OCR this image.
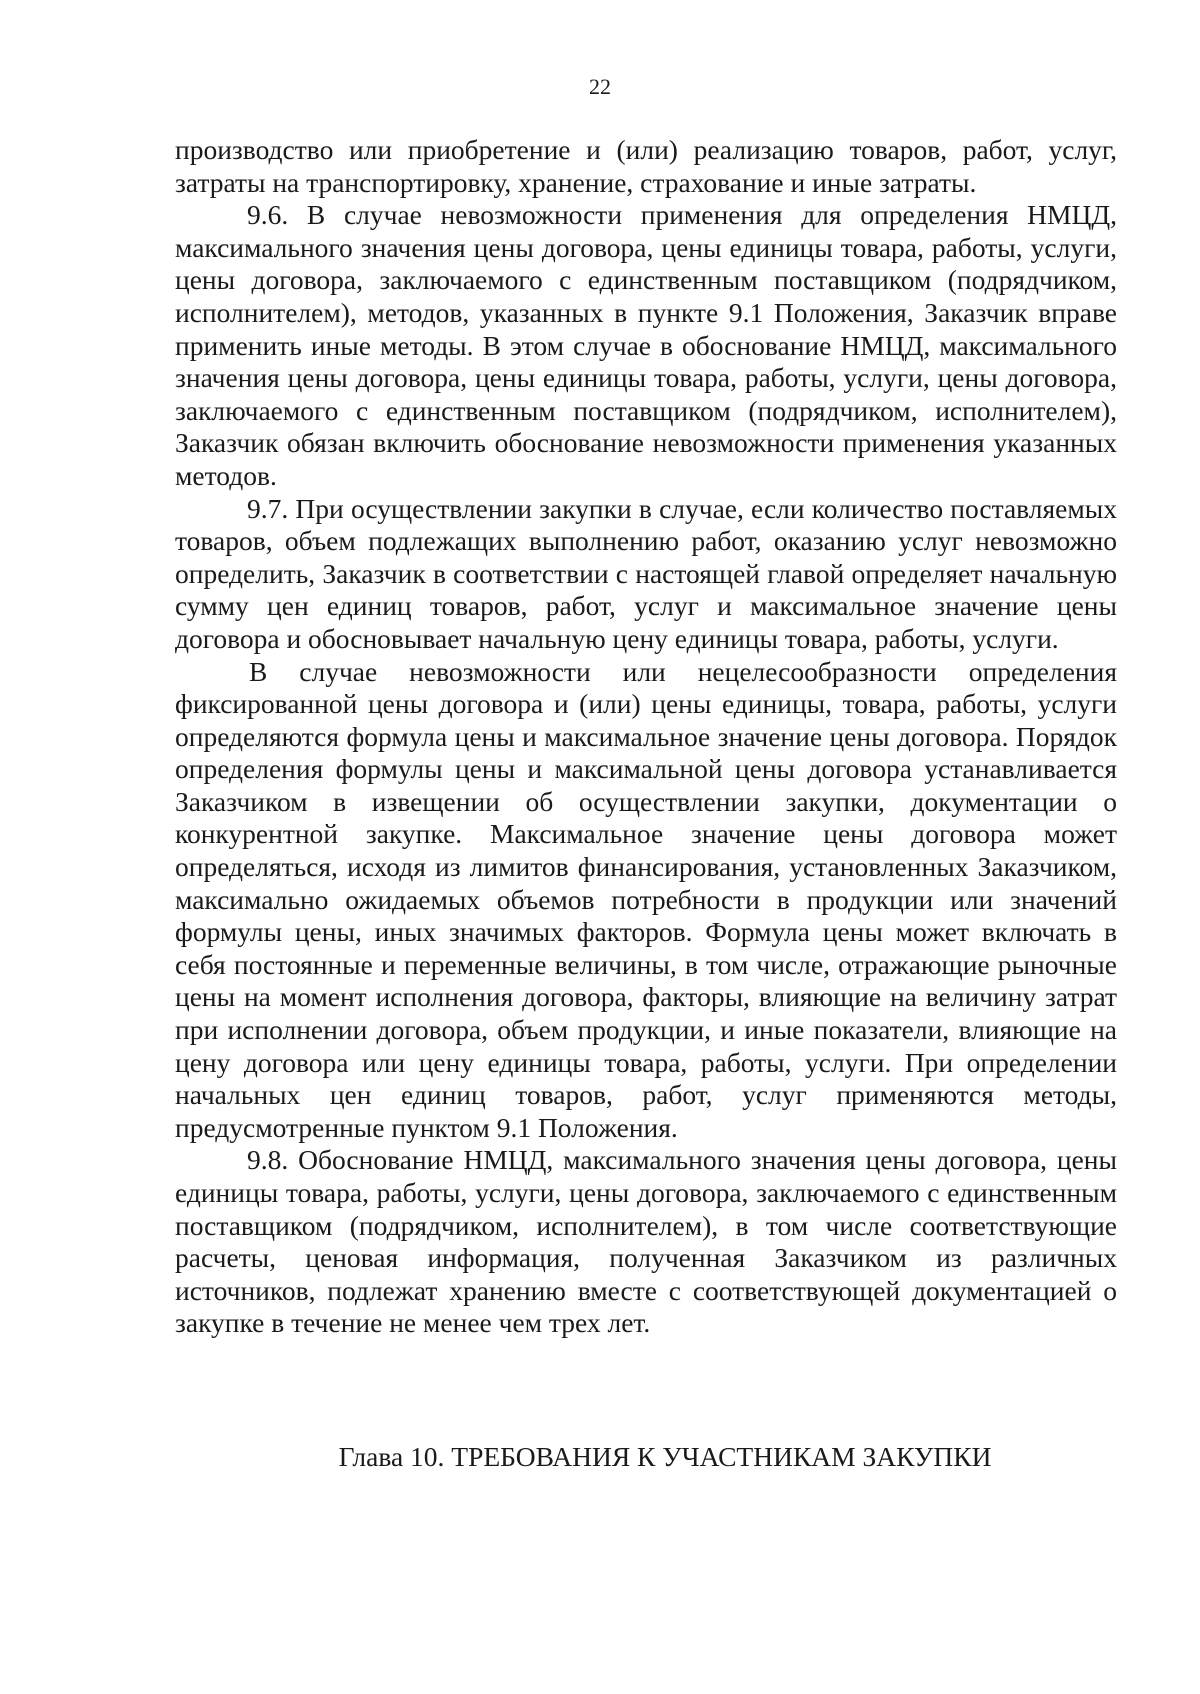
22

производство или приобретение и (или) реализацию товаров, работ, услуг, затраты на транспортировку, хранение, страхование и иные затраты.

9.6. В случае невозможности применения для определения НМЦД, максимального значения цены договора, цены единицы товара, работы, услуги, цены договора, заключаемого с единственным поставщиком (подрядчиком, исполнителем), методов, указанных в пункте 9.1 Положения, Заказчик вправе применить иные методы. В этом случае в обоснование НМЦД, максимального значения цены договора, цены единицы товара, работы, услуги, цены договора, заключаемого с единственным поставщиком (подрядчиком, исполнителем), Заказчик обязан включить обоснование невозможности применения указанных методов.

9.7. При осуществлении закупки в случае, если количество поставляемых товаров, объем подлежащих выполнению работ, оказанию услуг невозможно определить, Заказчик в соответствии с настоящей главой определяет начальную сумму цен единиц товаров, работ, услуг и максимальное значение цены договора и обосновывает начальную цену единицы товара, работы, услуги.

В случае невозможности или нецелесообразности определения фиксированной цены договора и (или) цены единицы, товара, работы, услуги определяются формула цены и максимальное значение цены договора. Порядок определения формулы цены и максимальной цены договора устанавливается Заказчиком в извещении об осуществлении закупки, документации о конкурентной закупке. Максимальное значение цены договора может определяться, исходя из лимитов финансирования, установленных Заказчиком, максимально ожидаемых объемов потребности в продукции или значений формулы цены, иных значимых факторов. Формула цены может включать в себя постоянные и переменные величины, в том числе, отражающие рыночные цены на момент исполнения договора, факторы, влияющие на величину затрат при исполнении договора, объем продукции, и иные показатели, влияющие на цену договора или цену единицы товара, работы, услуги. При определении начальных цен единиц товаров, работ, услуг применяются методы, предусмотренные пунктом 9.1 Положения.

9.8. Обоснование НМЦД, максимального значения цены договора, цены единицы товара, работы, услуги, цены договора, заключаемого с единственным поставщиком (подрядчиком, исполнителем), в том числе соответствующие расчеты, ценовая информация, полученная Заказчиком из различных источников, подлежат хранению вместе с соответствующей документацией о закупке в течение не менее чем трех лет.

Глава 10. ТРЕБОВАНИЯ К УЧАСТНИКАМ ЗАКУПКИ
